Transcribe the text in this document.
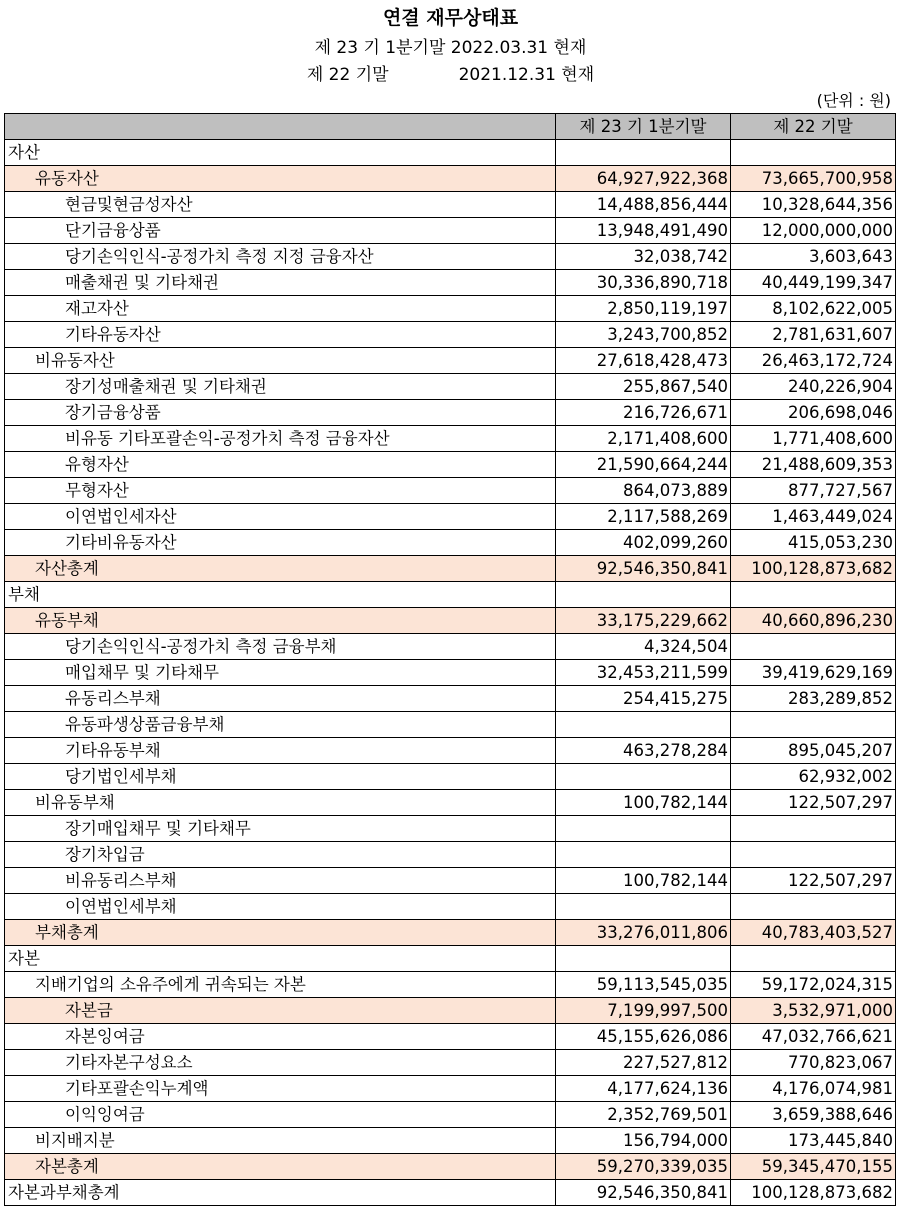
연결 재무상태표
제 23 기 1분기말 2022.03.31 현재
제 22 기말	2021.12.31 현재
(단위 : 원)
	제 23 기 1분기말	제 22 기말
자산		
유동자산	64,927,922,368	73,665,700,958
현금및현금성자산	14,488,856,444	10,328,644,356
단기금융상품	13,948,491,490	12,000,000,000
당기손익인식-공정가치 측정 지정 금융자산	32,038,742	3,603,643
매출채권 및 기타채권	30,336,890,718	40,449,199,347
재고자산	2,850,119,197	8,102,622,005
기타유동자산	3,243,700,852	2,781,631,607
비유동자산	27,618,428,473	26,463,172,724
장기성매출채권 및 기타채권	255,867,540	240,226,904
장기금융상품	216,726,671	206,698,046
비유동 기타포괄손익-공정가치 측정 금융자산	2,171,408,600	1,771,408,600
유형자산	21,590,664,244	21,488,609,353
무형자산	864,073,889	877,727,567
이연법인세자산	2,117,588,269	1,463,449,024
기타비유동자산	402,099,260	415,053,230
자산총계	92,546,350,841	100,128,873,682
부채		
유동부채	33,175,229,662	40,660,896,230
당기손익인식-공정가치 측정 금융부채	4,324,504	
매입채무 및 기타채무	32,453,211,599	39,419,629,169
유동리스부채	254,415,275	283,289,852
유동파생상품금융부채		
기타유동부채	463,278,284	895,045,207
당기법인세부채		62,932,002
비유동부채	100,782,144	122,507,297
장기매입채무 및 기타채무		
장기차입금		
비유동리스부채	100,782,144	122,507,297
이연법인세부채		
부채총계	33,276,011,806	40,783,403,527
자본		
지배기업의 소유주에게 귀속되는 자본	59,113,545,035	59,172,024,315
자본금	7,199,997,500	3,532,971,000
자본잉여금	45,155,626,086	47,032,766,621
기타자본구성요소	227,527,812	770,823,067
기타포괄손익누계액	4,177,624,136	4,176,074,981
이익잉여금	2,352,769,501	3,659,388,646
비지배지분	156,794,000	173,445,840
자본총계	59,270,339,035	59,345,470,155
자본과부채총계	92,546,350,841	100,128,873,682
